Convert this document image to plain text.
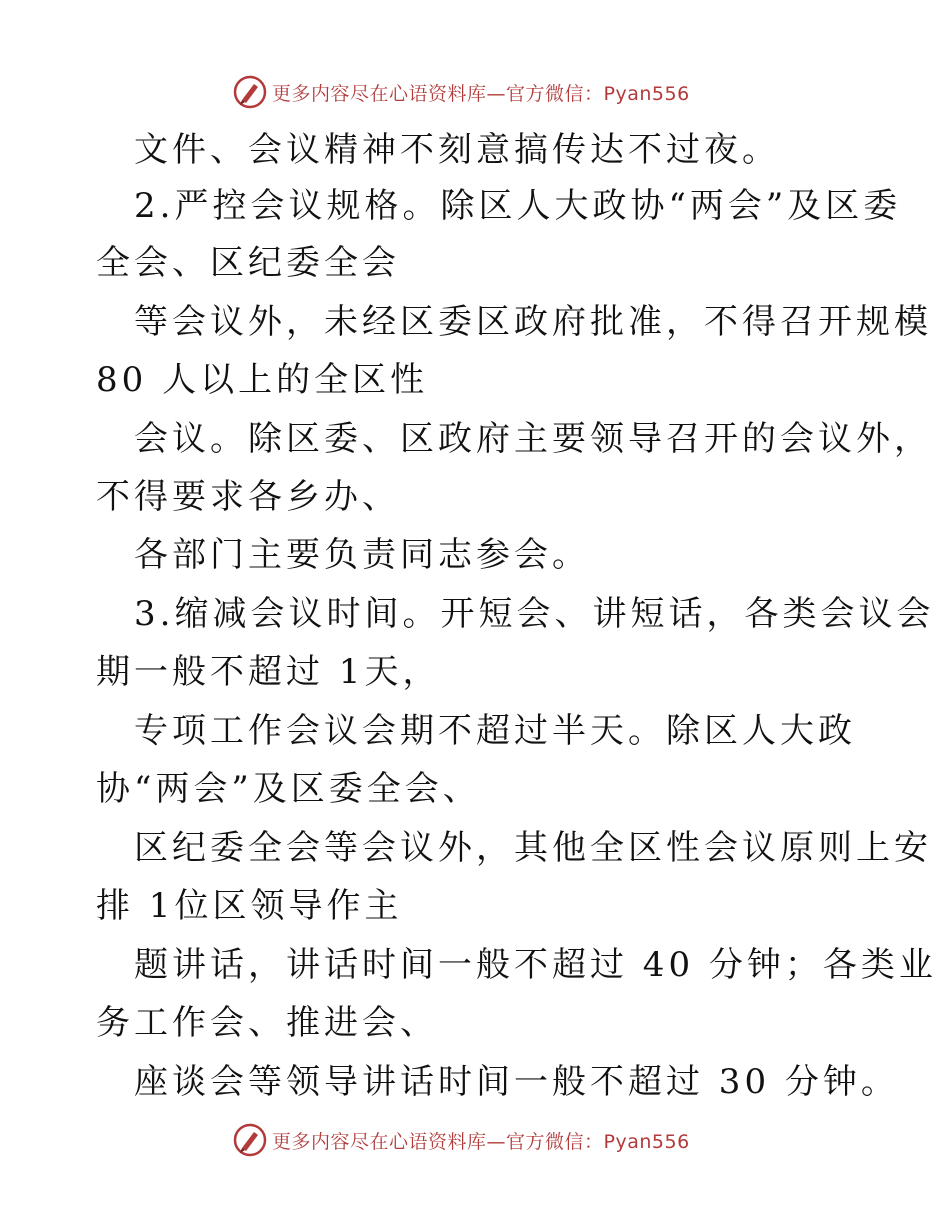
更多内容尽在心语资料库—官方微信：Pyan556
文件、会议精神不刻意搞传达不过夜。
2.严控会议规格。除区人大政协“两会”及区委
全会、区纪委全会
等会议外，未经区委区政府批准，不得召开规模
80 人以上的全区性
会议。除区委、区政府主要领导召开的会议外，
不得要求各乡办、
各部门主要负责同志参会。
3.缩减会议时间。开短会、讲短话，各类会议会
期一般不超过 1天，
专项工作会议会期不超过半天。除区人大政
协“两会”及区委全会、
区纪委全会等会议外，其他全区性会议原则上安
排 1位区领导作主
题讲话，讲话时间一般不超过 40 分钟；各类业
务工作会、推进会、
座谈会等领导讲话时间一般不超过 30 分钟。
更多内容尽在心语资料库—官方微信：Pyan556
